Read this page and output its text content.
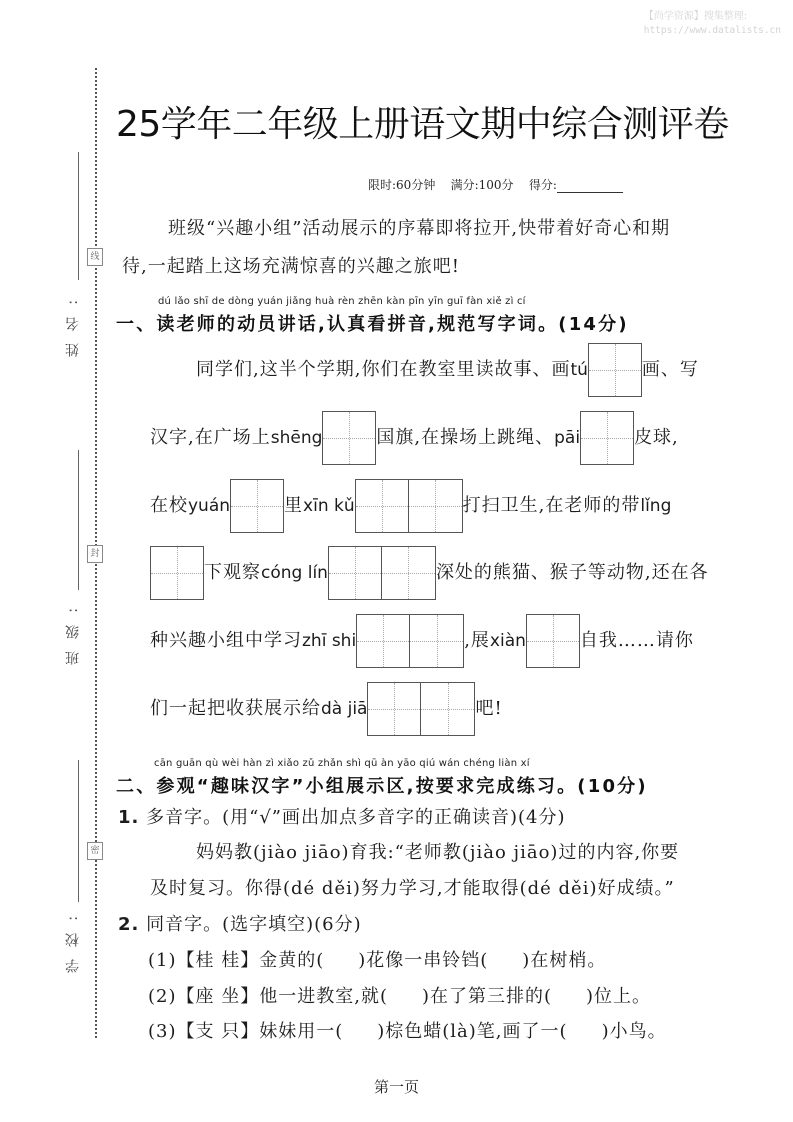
【尚学资源】搜集整理:
https://www.datalists.cn
线
封
密
姓名:
班级:
学校:
25学年二年级上册语文期中综合测评卷
限时:60分钟 满分:100分 得分:
班级“兴趣小组”活动展示的序幕即将拉开,快带着好奇心和期
待,一起踏上这场充满惊喜的兴趣之旅吧!
dú lǎo shī de dòng yuán jiǎng huà rèn zhēn kàn pīn yīn guī fàn xiě zì cí
一、读老师的动员讲话,认真看拼音,规范写字词。(14分)
同学们,这半个学期,你们在教室里读故事、画 tú	画、写
汉字,在广场上 shēng	国旗,在操场上跳绳、 pāi	皮球,
在校 yuán	里 xīn kǔ	打扫卫生,在老师的带 lǐng
下观察 cóng lín	深处的熊猫、猴子等动物,还在各
种兴趣小组中学习 zhī shi	,展 xiàn	自我……请你
们一起把收获展示给 dà jiā	吧!
cān guān qù wèi hàn zì xiǎo zǔ zhǎn shì qū àn yāo qiú wán chéng liàn xí
二、参观“趣味汉字”小组展示区,按要求完成练习。(10分)
1. 多音字。(用“√”画出加点多音字的正确读音)(4分)
妈妈教(jiào jiāo)育我:“老师教(jiào jiāo)过的内容,你要
及时复习。你得(dé děi)努力学习,才能取得(dé děi)好成绩。”
2. 同音字。(选字填空)(6分)
(1)【桂 桂】金黄的( )花像一串铃铛( )在树梢。
(2)【座 坐】他一进教室,就( )在了第三排的( )位上。
(3)【支 只】妹妹用一( )棕色蜡(là)笔,画了一( )小鸟。
第一页
